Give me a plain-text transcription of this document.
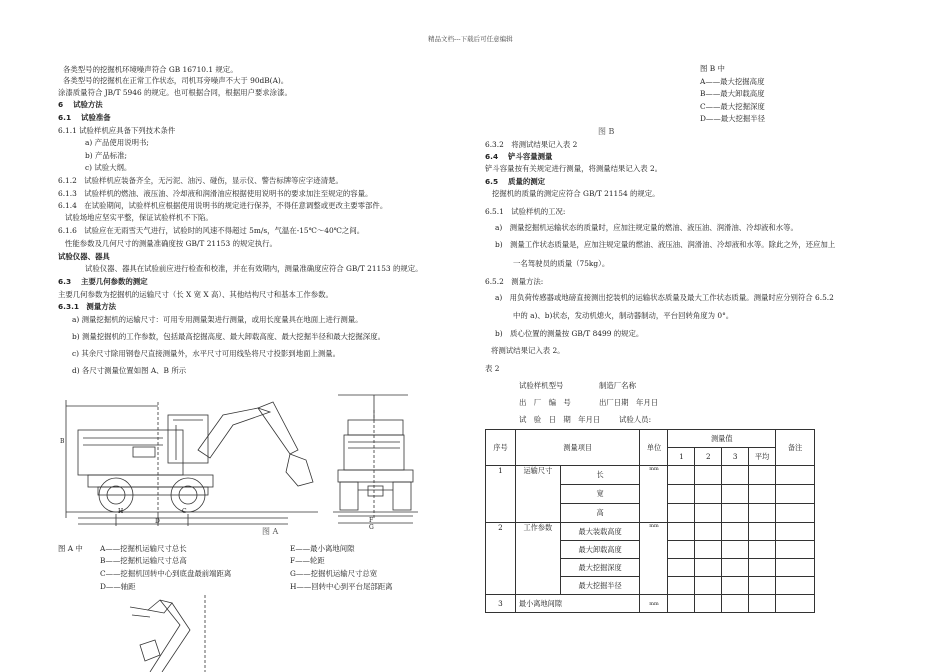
精品文档---下载后可任意编辑
各类型号的挖掘机环境噪声符合 GB 16710.1 规定。
各类型号的挖掘机在正常工作状态，司机耳旁噪声不大于 90dB(A)。
涂漆质量符合 JB/T 5946 的规定。也可根据合同，根据用户要求涂漆。
6　 试验方法
6.1　 试验准备
6.1.1 试验样机应具备下列技术条件
a) 产品使用说明书;
b) 产品标准;
c) 试验大纲。
6.1.2　试验样机应装备齐全，无污泥、油污、碰伤，显示仪、警告标牌等应字迹清楚。
6.1.3　试验样机的燃油、液压油、冷却液和润滑油应根据使用说明书的要求加注至规定的容量。
6.1.4　在试验期间，试验样机应根据使用说明书的规定进行保养，不得任意调整或更改主要零部件。
试验场地应坚实平整，保证试验样机不下陷。
6.1.6　试验应在无雨雪天气进行，试验时的风速不得超过 5m/s，气温在-15℃～40℃之间。
性能参数及几何尺寸的测量准确度按 GB/T 21153 的规定执行。
试验仪器、器具
试验仪器、器具在试验前应进行检查和校准，并在有效期内，测量准确度应符合 GB/T 21153 的规定。
6.3　 主要几何参数的测定
主要几何参数为挖掘机的运输尺寸（长 X 宽 X 高）、其他结构尺寸和基本工作参数。
6.3.1　测量方法
a) 测量挖掘机的运输尺寸：可用专用测量架进行测量，或用长度量具在地面上进行测量。
b) 测量挖掘机的工作参数，包括最高挖掘高度、最大卸载高度、最大挖掘半径和最大挖掘深度。
c) 其余尺寸除用钢卷尺直接测量外，水平尺寸可用线坠将尺寸投影到地面上测量。
d) 各尺寸测量位置如图 A、B 所示
H
D
C
B
F
G
图 A
图 A 中 A——挖掘机运输尺寸总长
B——挖掘机运输尺寸总高
C——挖掘机回转中心到底盘最前端距离
D——轴距
E——最小离地间隙
F——轮距
G——挖掘机运输尺寸总宽
H——回转中心到平台尾部距离
图 B 中
A——最大挖掘高度
B——最大卸载高度
C——最大挖掘深度
D——最大挖掘半径
图 B
6.3.2　将测试结果记入表 2
6.4　 铲斗容量测量
铲斗容量按有关规定进行测量，将测量结果记入表 2。
6.5　 质量的测定
挖掘机的质量的测定应符合 GB/T 21154 的规定。
6.5.1　试验样机的工况:
a)　测量挖掘机运输状态的质量时，应加注规定量的燃油、液压油、润滑油、冷却液和水等。
b)　测量工作状态质量是，应加注规定量的燃油、液压油、润滑油、冷却液和水等。除此之外，还应加上
一名驾驶员的质量（75kg）。
6.5.2　测量方法:
a)　用负荷传感器或地磅直接测出挖装机的运输状态质量及最大工作状态质量。测量时应分别符合 6.5.2
中的 a)、b)状态，发动机熄火，制动器制动，平台回转角度为 0°。
b)　质心位置的测量按 GB/T 8499 的规定。
将测试结果记入表 2。
表 2
试验样机型号	制造厂名称
出　厂　编　号	出厂日期　年月日
试　验　日　期　年月日	试验人员:
序号	测量项目		单位	测量值				备注
				1	2	3	平均	
1	运输尺寸	长	mm					
		宽						
		高						
2	工作参数	最大装载高度	mm					
		最大卸载高度						
		最大挖掘深度						
		最大挖掘半径						
3	最小离地间隙		mm					
